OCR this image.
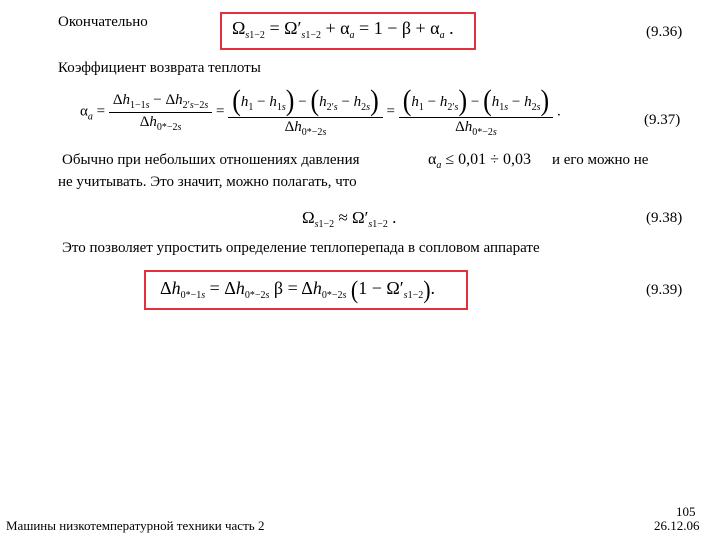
Окончательно	$\Omega_{s1-2} = \Omega'_{s1-2} + \alpha_a = 1 - \beta + \alpha_a$ .	(9.36)
Коэффициент возврата теплоты
$\alpha_a = \frac{\Delta h_{1-1s} - \Delta h_{2's-2s}}{\Delta h_{0*-2s}} = \frac{(h_1 - h_{1s}) - (h_{2's} - h_{2s})}{\Delta h_{0*-2s}} = \frac{(h_1 - h_{2's}) - (h_{1s} - h_{2s})}{\Delta h_{0*-2s}}$ .
(9.37)
Обычно при небольших отношениях давления	$\alpha_a \le 0,01 \div 0,03$ и его можно не
не учитывать. Это значит, можно полагать, что
$\Omega_{s1-2} \approx \Omega'_{s1-2}$ .	(9.38)
Это позволяет упростить определение теплоперепада в сопловом аппарате
$\Delta h_{0*-1s} = \Delta h_{0*-2s}$ $\beta = \Delta h_{0*-2s}$ $(1 - \Omega'_{s1-2})$.	(9.39)
Машины низкотемпературной техники часть 2
105
26.12.06
